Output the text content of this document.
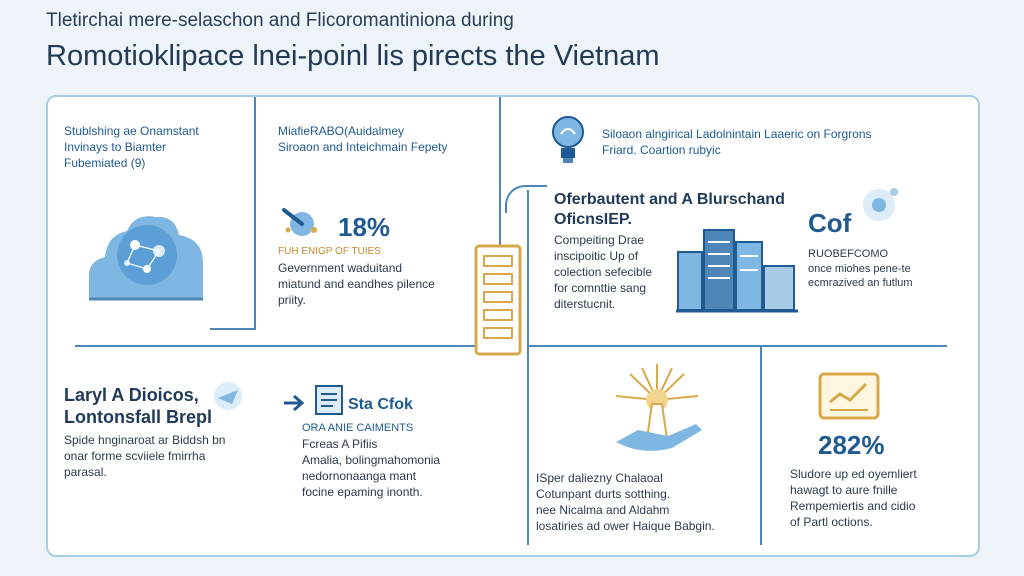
Tletirchai mere-selaschon and Flicoromantiniona during
Romotioklipace lnei-poinl lis pirects the Vietnam
Stublshing ae Onamstant
Invinays to Biamter
Fubemiated (9)
MiafieRABO(Auidalmey
Siroaon and Inteichmain Fepety
18%
FUH ENIGP OF TUIES
Gevernment waduitand
miatund and eandhes pilence
priity.
Siloaon alngirical Ladolnintain Laaeric on Forgrons
Friard. Coartion rubyic
Oferbautent and A Blurschand
OficnsIEP.
Compeiting Drae
inscipoitic Up of
colection sefecible
for comnttie sang
diterstucnit.
Cof
RUOBEFCOMO
once miohes pene-te
ecmrazived an futlum
Laryl A Dioicos,
Lontonsfall Brepl
Spide hnginaroat ar Biddsh bn
onar forme scviiele fmirrha
parasal.
Sta Cfok
ORA ANIE CAIMENTS
Fcreas A Pifiis
Amalia, bolingmahomonia
nedornonaanga mant
focine epaming inonth.
ISper daliezny Chalaoal
Cotunpant durts sotthing.
nee Nicalma and Aldahm
losatiries ad ower Haique Babgin.
282%
Sludore up ed oyemliert
hawagt to aure fnille
Rempemiertis and cidio
of Partl octions.
